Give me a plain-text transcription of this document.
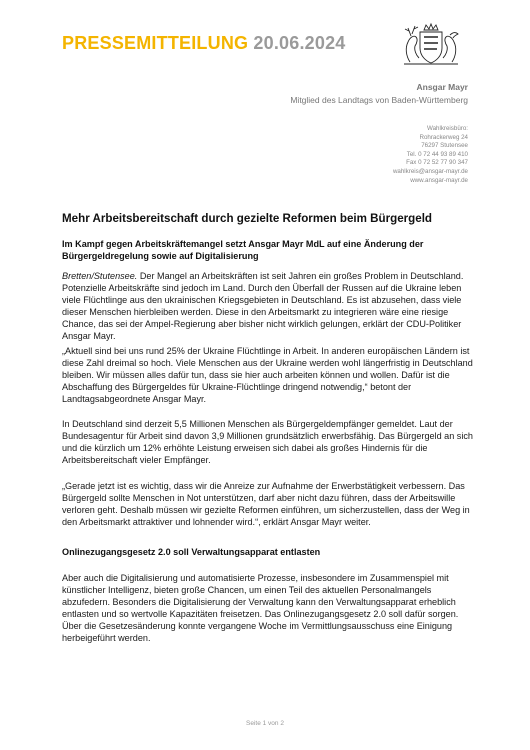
PRESSEMITTEILUNG 20.06.2024
Ansgar Mayr
Mitglied des Landtags von Baden-Württemberg
Wahlkreisbüro:
Rohrackerweg 24
76297 Stutensee
Tel. 0 72 44 93 89 410
Fax 0 72 52 77 90 347
wahlkreis@ansgar-mayr.de
www.ansgar-mayr.de
Mehr Arbeitsbereitschaft durch gezielte Reformen beim Bürgergeld
Im Kampf gegen Arbeitskräftemangel setzt Ansgar Mayr MdL auf eine Änderung der Bürgergeldregelung sowie auf Digitalisierung
Bretten/Stutensee. Der Mangel an Arbeitskräften ist seit Jahren ein großes Problem in Deutschland. Potenzielle Arbeitskräfte sind jedoch im Land. Durch den Überfall der Russen auf die Ukraine leben viele Flüchtlinge aus den ukrainischen Kriegsgebieten in Deutschland. Es ist abzusehen, dass viele dieser Menschen hierbleiben werden. Diese in den Arbeitsmarkt zu integrieren wäre eine riesige Chance, das sei der Ampel-Regierung aber bisher nicht wirklich gelungen, erklärt der CDU-Politiker Ansgar Mayr.
„Aktuell sind bei uns rund 25% der Ukraine Flüchtlinge in Arbeit. In anderen europäischen Ländern ist diese Zahl dreimal so hoch. Viele Menschen aus der Ukraine werden wohl längerfristig in Deutschland bleiben. Wir müssen alles dafür tun, dass sie hier auch arbeiten können und wollen. Dafür ist die Abschaffung des Bürgergeldes für Ukraine-Flüchtlinge dringend notwendig,“ betont der Landtagsabgeordnete Ansgar Mayr.
In Deutschland sind derzeit 5,5 Millionen Menschen als Bürgergeldempfänger gemeldet. Laut der Bundesagentur für Arbeit sind davon 3,9 Millionen grundsätzlich erwerbsfähig. Das Bürgergeld an sich und die kürzlich um 12% erhöhte Leistung erweisen sich dabei als großes Hindernis für die Arbeitsbereitschaft vieler Empfänger.
„Gerade jetzt ist es wichtig, dass wir die Anreize zur Aufnahme der Erwerbstätigkeit verbessern. Das Bürgergeld sollte Menschen in Not unterstützen, darf aber nicht dazu führen, dass der Arbeitswille verloren geht. Deshalb müssen wir gezielte Reformen einführen, um sicherzustellen, dass der Weg in den Arbeitsmarkt attraktiver und lohnender wird.“, erklärt Ansgar Mayr weiter.
Onlinezugangsgesetz 2.0 soll Verwaltungsapparat entlasten
Aber auch die Digitalisierung und automatisierte Prozesse, insbesondere im Zusammenspiel mit künstlicher Intelligenz, bieten große Chancen, um einen Teil des aktuellen Personalmangels abzufedern. Besonders die Digitalisierung der Verwaltung kann den Verwaltungsapparat erheblich entlasten und so wertvolle Kapazitäten freisetzen. Das Onlinezugangsgesetz 2.0 soll dafür sorgen. Über die Gesetzesänderung konnte vergangene Woche im Vermittlungsausschuss eine Einigung herbeigeführt werden.
Seite 1 von 2
